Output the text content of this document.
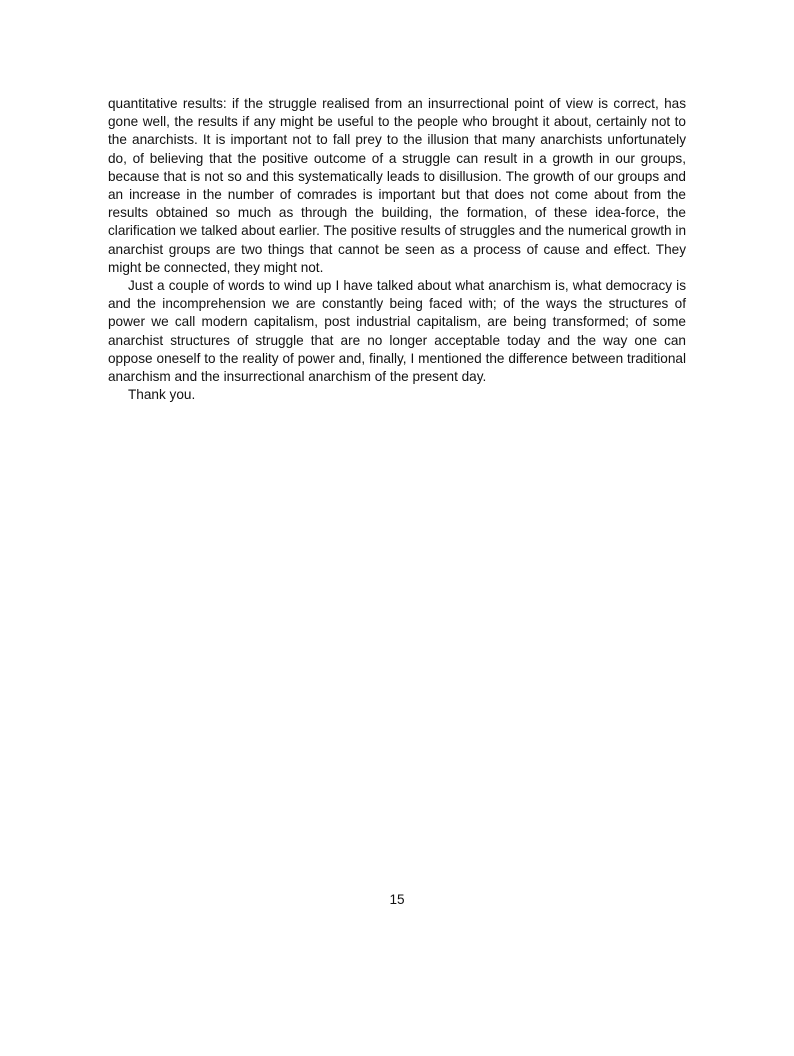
quantitative results: if the struggle realised from an insurrectional point of view is correct, has gone well, the results if any might be useful to the people who brought it about, certainly not to the anarchists. It is important not to fall prey to the illusion that many anarchists unfortunately do, of believing that the positive outcome of a struggle can result in a growth in our groups, because that is not so and this systematically leads to disillusion. The growth of our groups and an increase in the number of comrades is important but that does not come about from the results obtained so much as through the building, the formation, of these idea-force, the clarification we talked about earlier. The positive results of struggles and the numerical growth in anarchist groups are two things that cannot be seen as a process of cause and effect. They might be connected, they might not.

Just a couple of words to wind up I have talked about what anarchism is, what democracy is and the incomprehension we are constantly being faced with; of the ways the structures of power we call modern capitalism, post industrial capitalism, are being transformed; of some anarchist structures of struggle that are no longer acceptable today and the way one can oppose oneself to the reality of power and, finally, I mentioned the difference between traditional anarchism and the insurrectional anarchism of the present day.

Thank you.

15
